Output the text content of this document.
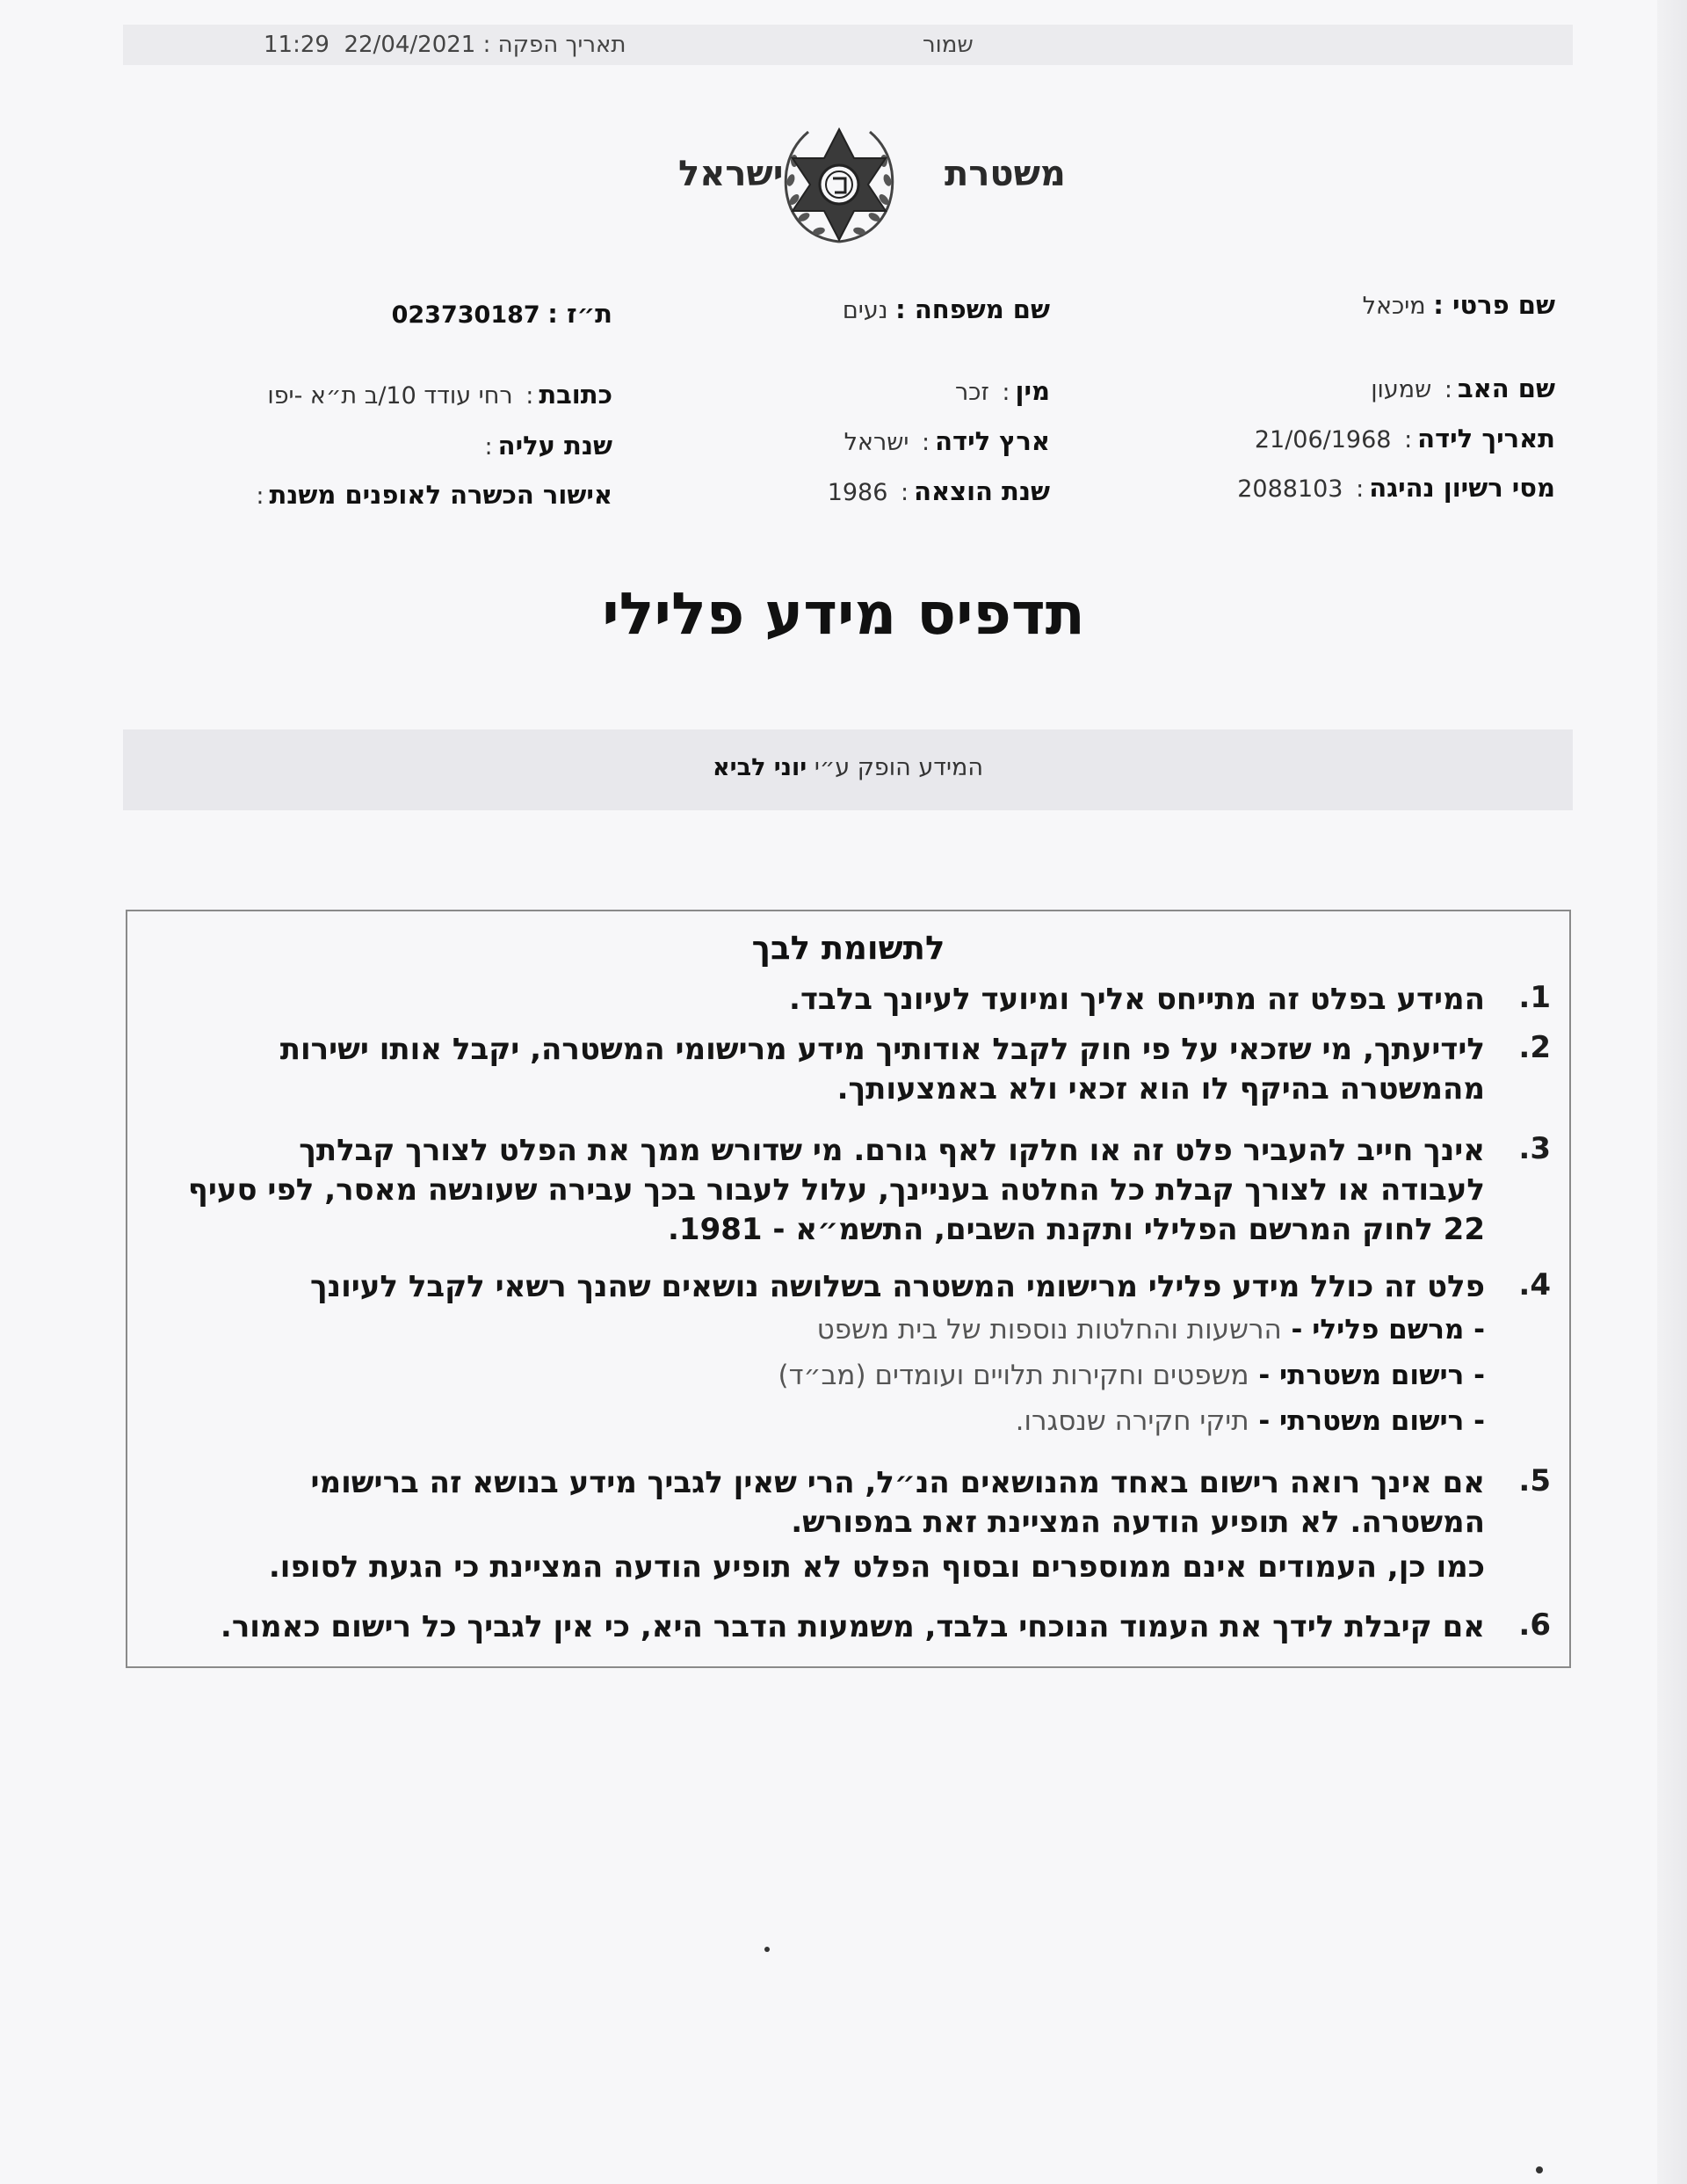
שמור
תאריך הפקה : 22/04/2021  11:29
משטרת
ישראל
שם פרטי : מיכאל
שם משפחה : נעים
ת״ז : 023730187
שם האב: שמעון
מין: זכר
כתובת: רחי עודד 10/ב ת״א -יפו
תאריך לידה: 21/06/1968
ארץ לידה: ישראל
שנת עליה:
מסי רשיון נהיגה: 2088103
שנת הוצאה: 1986
אישור הכשרה לאופנים משנת:
תדפיס מידע פלילי
המידע הופק ע״י יוני לביא
לתשומת לבך
1.
המידע בפלט זה מתייחס אליך ומיועד לעיונך בלבד.
2.
לידיעתך, מי שזכאי על פי חוק לקבל אודותיך מידע מרישומי המשטרה, יקבל אותו ישירות
מהמשטרה בהיקף לו הוא זכאי ולא באמצעותך.
3.
אינך חייב להעביר פלט זה או חלקו לאף גורם. מי שדורש ממך את הפלט לצורך קבלתך
לעבודה או לצורך קבלת כל החלטה בעניינך, עלול לעבור בכך עבירה שעונשה מאסר, לפי סעיף
22 לחוק המרשם הפלילי ותקנת השבים, התשמ״א - 1981.
4.
פלט זה כולל מידע פלילי מרישומי המשטרה בשלושה נושאים שהנך רשאי לקבל לעיונך
- מרשם פלילי - הרשעות והחלטות נוספות של בית משפט
- רישום משטרתי - משפטים וחקירות תלויים ועומדים (מב״ד)
- רישום משטרתי - תיקי חקירה שנסגרו.
5.
אם אינך רואה רישום באחד מהנושאים הנ״ל, הרי שאין לגביך מידע בנושא זה ברישומי
המשטרה. לא תופיע הודעה המציינת זאת במפורש.
כמו כן, העמודים אינם ממוספרים ובסוף הפלט לא תופיע הודעה המציינת כי הגעת לסופו.
6.
אם קיבלת לידך את העמוד הנוכחי בלבד, משמעות הדבר היא, כי אין לגביך כל רישום כאמור.
